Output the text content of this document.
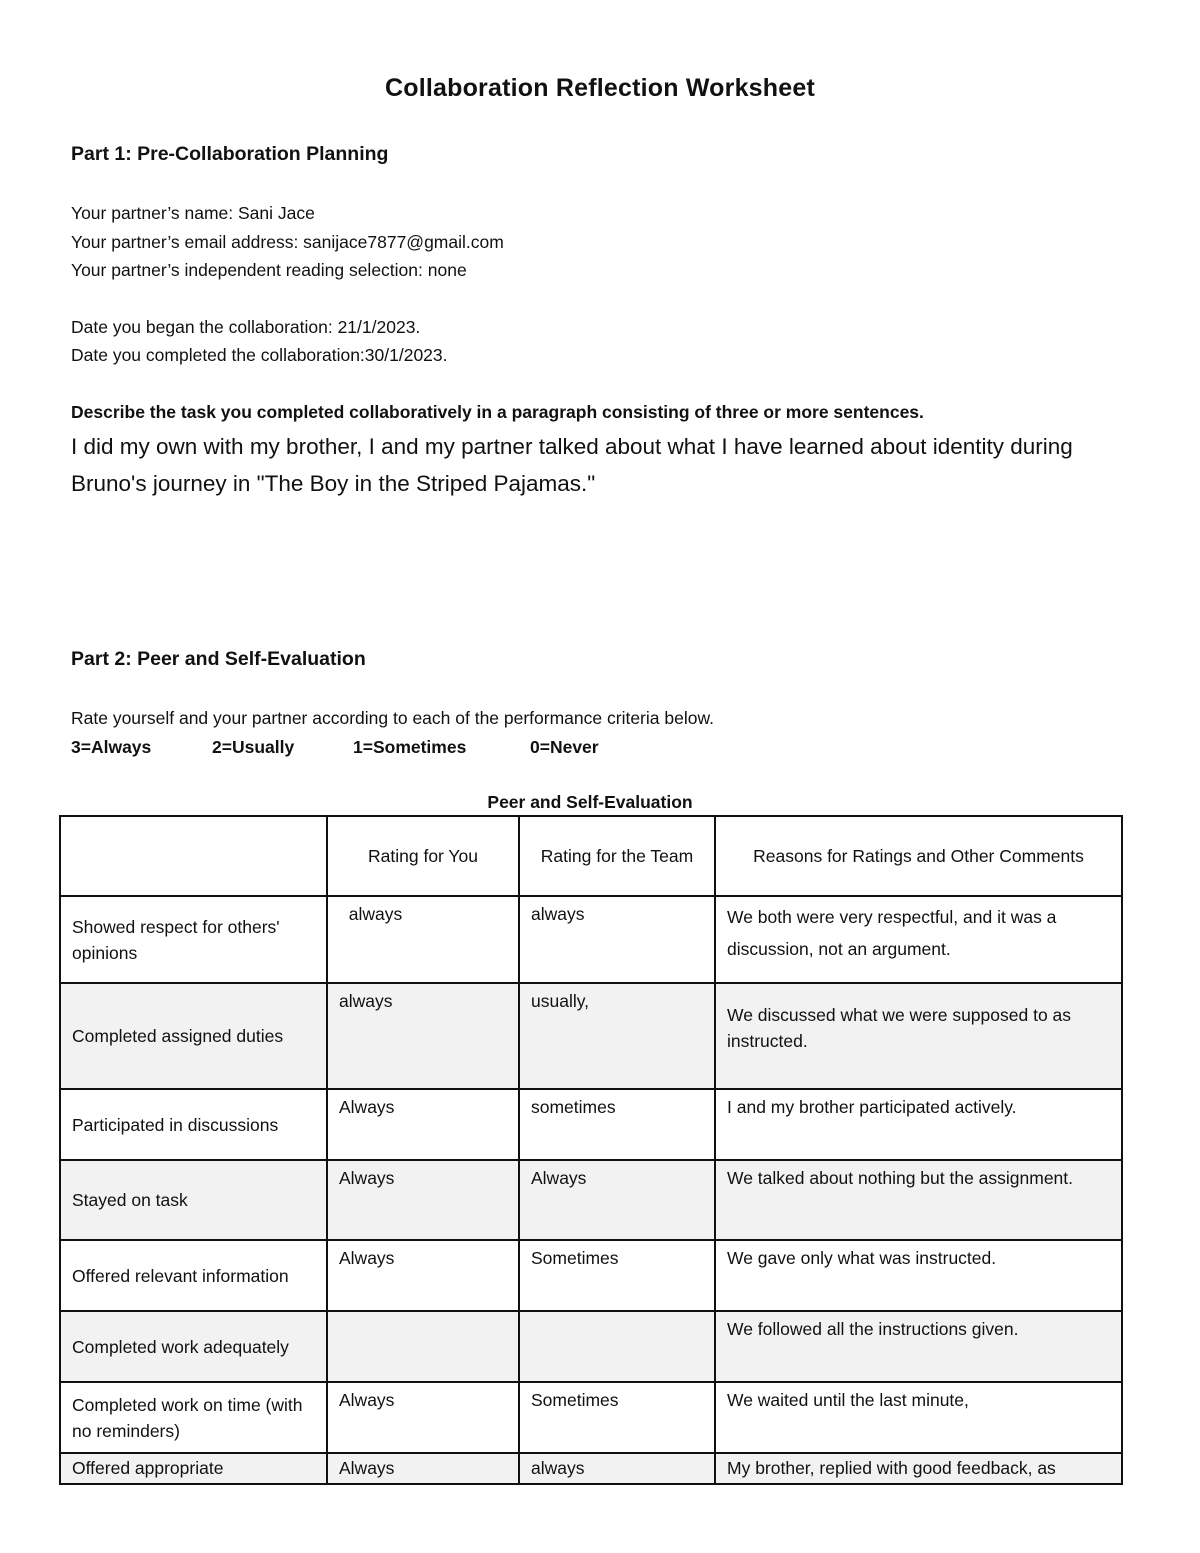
Collaboration Reflection Worksheet

Part 1: Pre-Collaboration Planning

Your partner’s name: Sani Jace

Your partner’s email address: sanijace7877@gmail.com

Your partner’s independent reading selection: none

Date you began the collaboration: 21/1/2023.

Date you completed the collaboration:30/1/2023.

Describe the task you completed collaboratively in a paragraph consisting of three or more sentences.

I did my own with my brother, I and my partner talked about what I have learned about identity during Bruno's journey in "The Boy in the Striped Pajamas."

Part 2: Peer and Self-Evaluation

Rate yourself and your partner according to each of the performance criteria below.

3=Always	2=Usually	1=Sometimes	0=Never

Peer and Self-Evaluation

	Rating for You	Rating for the Team	Reasons for Ratings and Other Comments
Showed respect for others' opinions	always	always	We both were very respectful, and it was a discussion, not an argument.
Completed assigned duties	always	usually,	We discussed what we were supposed to as instructed.

Participated in discussions	Always	sometimes	I and my brother participated actively.
Stayed on task	Always	Always	We talked about nothing but the assignment.
Offered relevant information	Always	Sometimes	We gave only what was instructed.
Completed work adequately			We followed all the instructions given.
Completed work on time (with no reminders)	Always	Sometimes	We waited until the last minute,
Offered appropriate	Always	always	My brother, replied with good feedback, as
